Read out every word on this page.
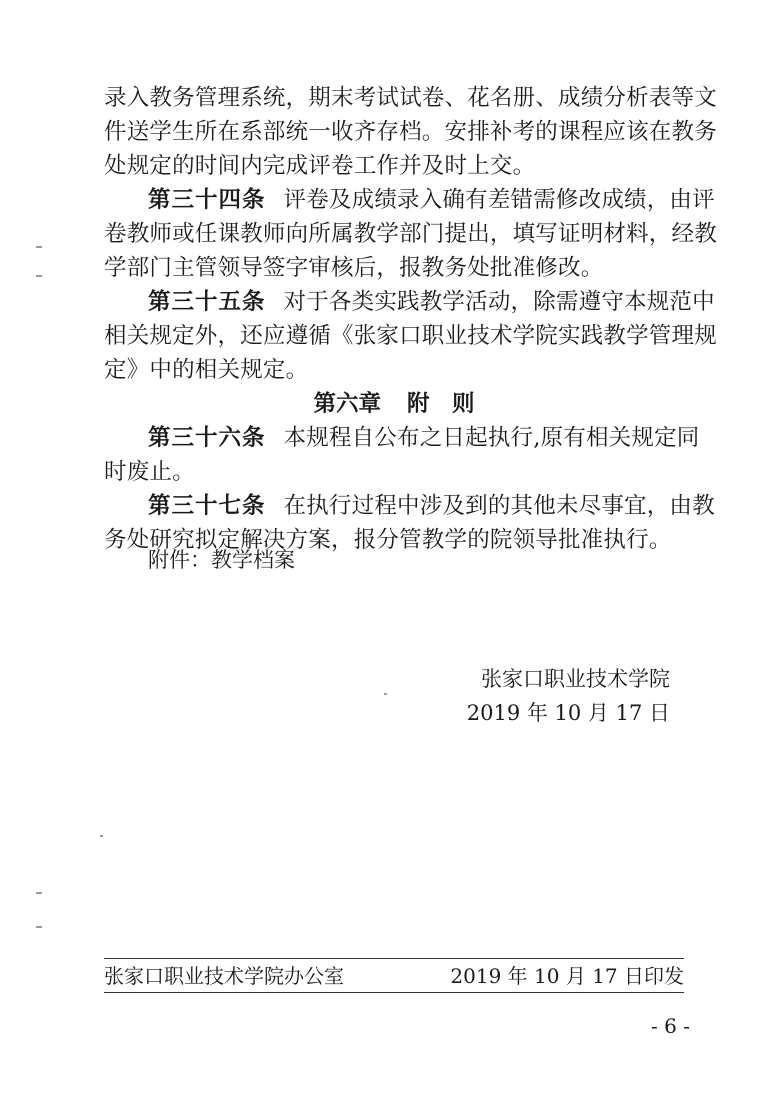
录入教务管理系统，期末考试试卷、花名册、成绩分析表等文
件送学生所在系部统一收齐存档。安排补考的课程应该在教务
处规定的时间内完成评卷工作并及时上交。
第三十四条 评卷及成绩录入确有差错需修改成绩，由评
卷教师或任课教师向所属教学部门提出，填写证明材料，经教
学部门主管领导签字审核后，报教务处批准修改。
第三十五条 对于各类实践教学活动，除需遵守本规范中
相关规定外，还应遵循《张家口职业技术学院实践教学管理规
定》中的相关规定。
第六章 附　则
第三十六条 本规程自公布之日起执行,原有相关规定同
时废止。
第三十七条 在执行过程中涉及到的其他未尽事宜，由教
务处研究拟定解决方案，报分管教学的院领导批准执行。
附件：教学档案
张家口职业技术学院
2019 年 10 月 17 日
张家口职业技术学院办公室	2019 年 10 月 17 日印发
- 6 -
